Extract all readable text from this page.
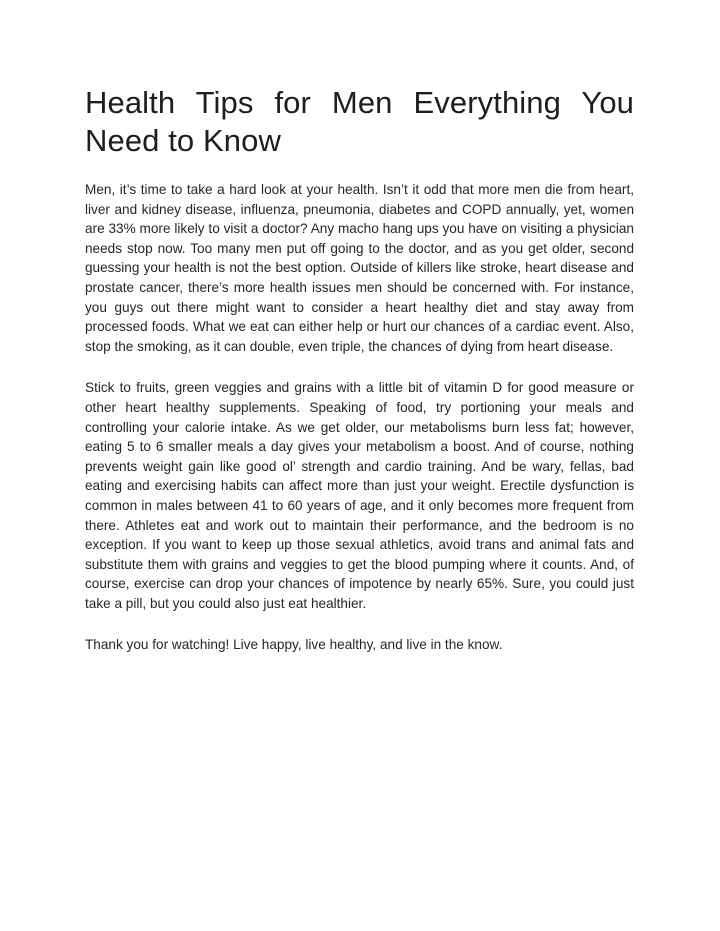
Health Tips for Men Everything You Need to Know

Men, it’s time to take a hard look at your health. Isn’t it odd that more men die from heart, liver and kidney disease, influenza, pneumonia, diabetes and COPD annually, yet, women are 33% more likely to visit a doctor? Any macho hang ups you have on visiting a physician needs stop now. Too many men put off going to the doctor, and as you get older, second guessing your health is not the best option. Outside of killers like stroke, heart disease and prostate cancer, there’s more health issues men should be concerned with. For instance, you guys out there might want to consider a heart healthy diet and stay away from processed foods. What we eat can either help or hurt our chances of a cardiac event. Also, stop the smoking, as it can double, even triple, the chances of dying from heart disease.

Stick to fruits, green veggies and grains with a little bit of vitamin D for good measure or other heart healthy supplements. Speaking of food, try portioning your meals and controlling your calorie intake. As we get older, our metabolisms burn less fat; however, eating 5 to 6 smaller meals a day gives your metabolism a boost. And of course, nothing prevents weight gain like good ol’ strength and cardio training. And be wary, fellas, bad eating and exercising habits can affect more than just your weight. Erectile dysfunction is common in males between 41 to 60 years of age, and it only becomes more frequent from there. Athletes eat and work out to maintain their performance, and the bedroom is no exception. If you want to keep up those sexual athletics, avoid trans and animal fats and substitute them with grains and veggies to get the blood pumping where it counts. And, of course, exercise can drop your chances of impotence by nearly 65%. Sure, you could just take a pill, but you could also just eat healthier.

Thank you for watching! Live happy, live healthy, and live in the know.
